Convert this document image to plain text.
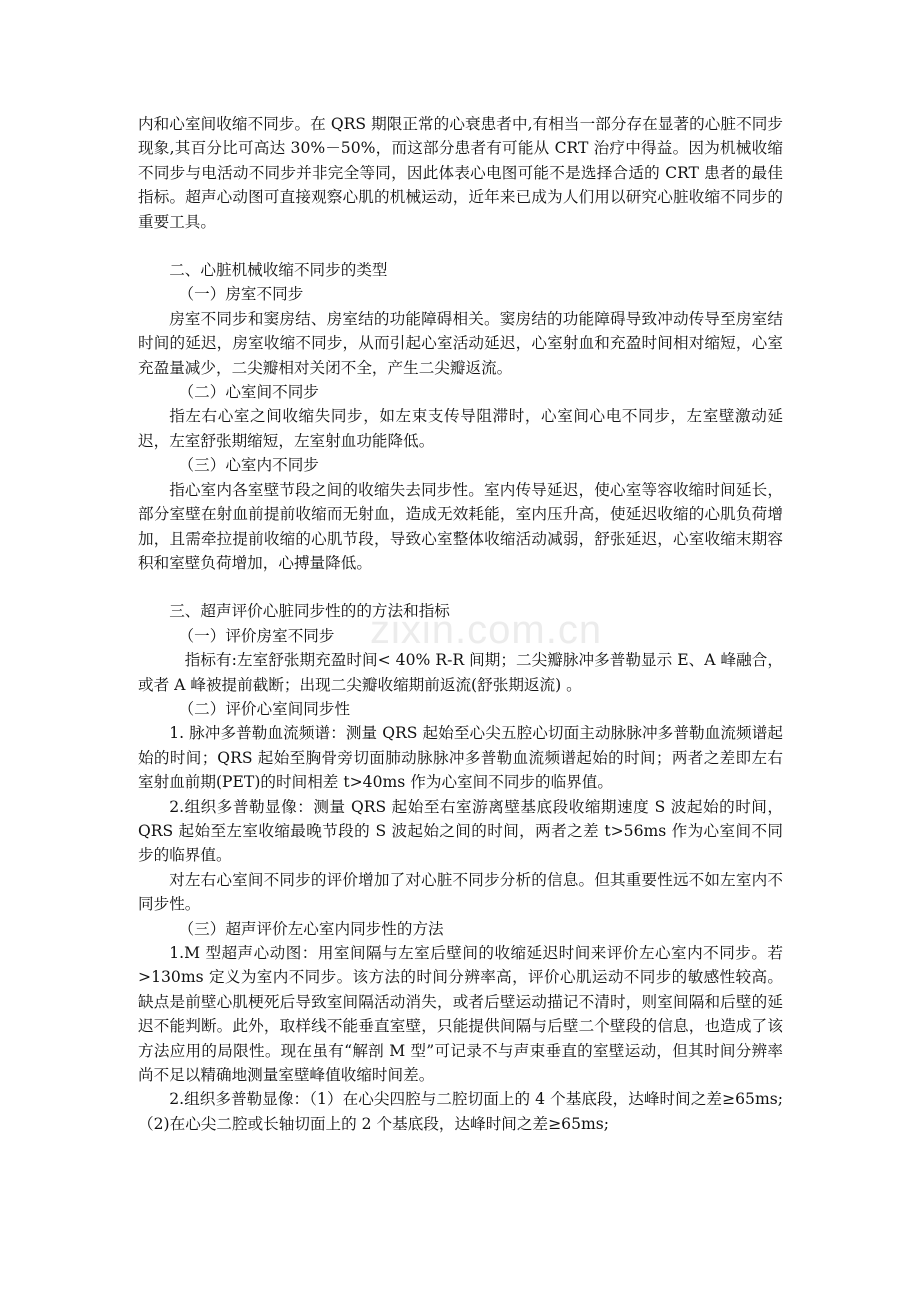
zixin.com.cn

内和心室间收缩不同步。在 QRS 期限正常的心衰患者中,有相当一部分存在显著的心脏不同步现象,其百分比可高达 30%－50%，而这部分患者有可能从 CRT 治疗中得益。因为机械收缩不同步与电活动不同步并非完全等同，因此体表心电图可能不是选择合适的 CRT 患者的最佳指标。超声心动图可直接观察心肌的机械运动，近年来已成为人们用以研究心脏收缩不同步的重要工具。

二、心脏机械收缩不同步的类型

（一）房室不同步

房室不同步和窦房结、房室结的功能障碍相关。窦房结的功能障碍导致冲动传导至房室结时间的延迟，房室收缩不同步，从而引起心室活动延迟，心室射血和充盈时间相对缩短，心室充盈量减少，二尖瓣相对关闭不全，产生二尖瓣返流。

（二）心室间不同步

指左右心室之间收缩失同步，如左束支传导阻滞时，心室间心电不同步，左室壁激动延迟，左室舒张期缩短，左室射血功能降低。

（三）心室内不同步

指心室内各室壁节段之间的收缩失去同步性。室内传导延迟，使心室等容收缩时间延长，部分室壁在射血前提前收缩而无射血，造成无效耗能，室内压升高，使延迟收缩的心肌负荷增加，且需牵拉提前收缩的心肌节段，导致心室整体收缩活动减弱，舒张延迟，心室收缩末期容积和室壁负荷增加，心搏量降低。

三、超声评价心脏同步性的的方法和指标

（一）评价房室不同步

指标有:左室舒张期充盈时间< 40% R-R 间期；二尖瓣脉冲多普勒显示 E、A 峰融合，或者 A 峰被提前截断；出现二尖瓣收缩期前返流(舒张期返流) 。

（二）评价心室间同步性

1. 脉冲多普勒血流频谱：测量 QRS 起始至心尖五腔心切面主动脉脉冲多普勒血流频谱起始的时间；QRS 起始至胸骨旁切面肺动脉脉冲多普勒血流频谱起始的时间；两者之差即左右室射血前期(PET)的时间相差 t>40ms 作为心室间不同步的临界值。

2.组织多普勒显像：测量 QRS 起始至右室游离壁基底段收缩期速度 S 波起始的时间，QRS 起始至左室收缩最晚节段的 S 波起始之间的时间，两者之差 t>56ms 作为心室间不同步的临界值。

对左右心室间不同步的评价增加了对心脏不同步分析的信息。但其重要性远不如左室内不同步性。

（三）超声评价左心室内同步性的方法

1.M 型超声心动图：用室间隔与左室后壁间的收缩延迟时间来评价左心室内不同步。若>130ms 定义为室内不同步。该方法的时间分辨率高，评价心肌运动不同步的敏感性较高。缺点是前壁心肌梗死后导致室间隔活动消失，或者后壁运动描记不清时，则室间隔和后壁的延迟不能判断。此外，取样线不能垂直室壁，只能提供间隔与后壁二个壁段的信息，也造成了该方法应用的局限性。现在虽有“解剖 M 型”可记录不与声束垂直的室壁运动，但其时间分辨率尚不足以精确地测量室壁峰值收缩时间差。

2.组织多普勒显像：（1）在心尖四腔与二腔切面上的 4 个基底段，达峰时间之差≥65ms;（2)在心尖二腔或长轴切面上的 2 个基底段，达峰时间之差≥65ms;
